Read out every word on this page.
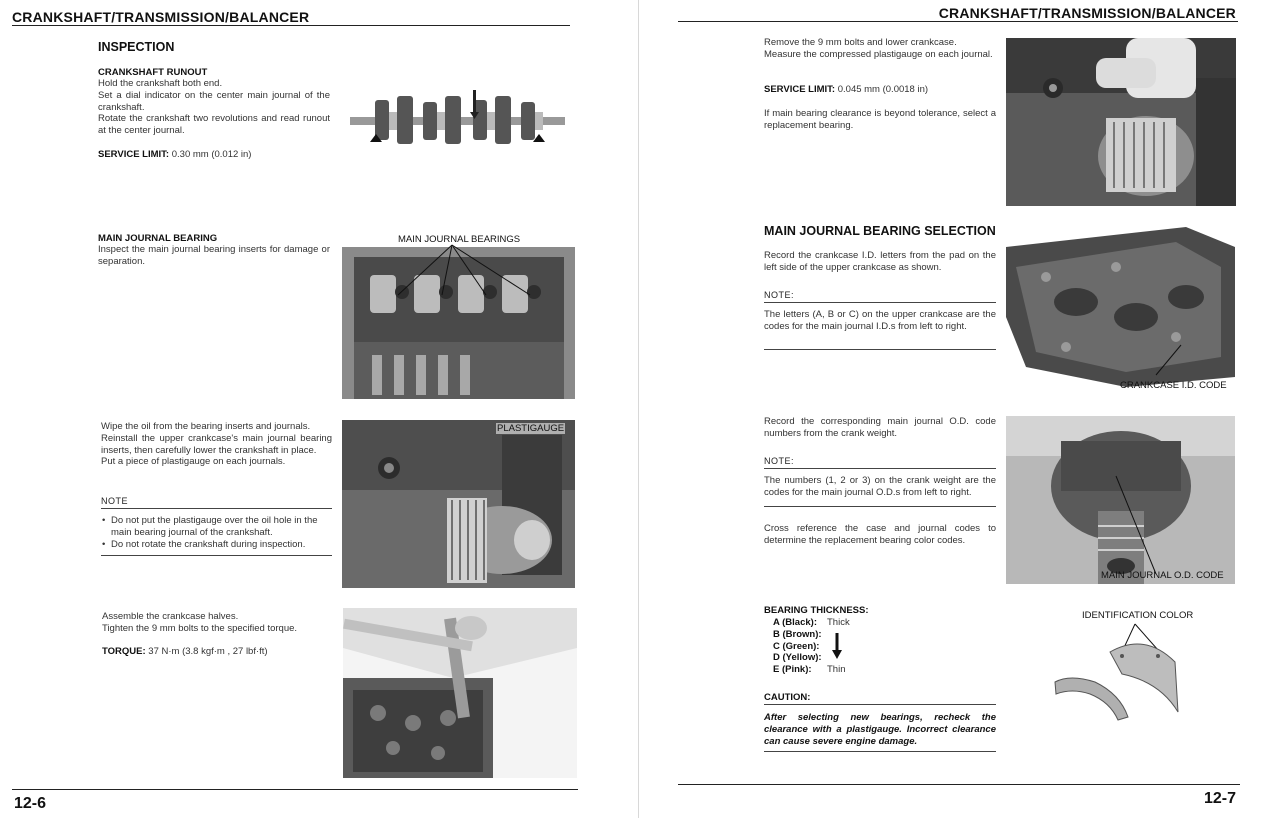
CRANKSHAFT/TRANSMISSION/BALANCER
INSPECTION
CRANKSHAFT RUNOUT
Hold the crankshaft both end.
Set a dial indicator on the center main journal of the crankshaft.
Rotate the crankshaft two revolutions and read runout at the center journal.
SERVICE LIMIT: 0.30 mm (0.012 in)
MAIN JOURNAL BEARING
Inspect the main journal bearing inserts for damage or separation.
MAIN JOURNAL BEARINGS
Wipe the oil from the bearing inserts and journals.
Reinstall the upper crankcase's main journal bearing inserts, then carefully lower the crankshaft in place.
Put a piece of plastigauge on each journals.
NOTE
• Do not put the plastigauge over the oil hole in the main bearing journal of the crankshaft.
• Do not rotate the crankshaft during inspection.
PLASTIGAUGE
Assemble the crankcase halves.
Tighten the 9 mm bolts to the specified torque.
TORQUE: 37 N·m (3.8 kgf·m , 27 lbf·ft)
12-6
CRANKSHAFT/TRANSMISSION/BALANCER
Remove the 9 mm bolts and lower crankcase.
Measure the compressed plastigauge on each journal.
SERVICE LIMIT: 0.045 mm (0.0018 in)
If main bearing clearance is beyond tolerance, select a replacement bearing.
MAIN JOURNAL BEARING SELECTION
Record the crankcase I.D. letters from the pad on the left side of the upper crankcase as shown.
NOTE:
The letters (A, B or C) on the upper crankcase are the codes for the main journal I.D.s from left to right.
CRANKCASE I.D. CODE
Record the corresponding main journal O.D. code numbers from the crank weight.
NOTE:
The numbers (1, 2 or 3) on the crank weight are the codes for the main journal O.D.s from left to right.
Cross reference the case and journal codes to determine the replacement bearing color codes.
MAIN JOURNAL O.D. CODE
BEARING THICKNESS:
A (Black): Thick
B (Brown):
C (Green):
D (Yellow):
E (Pink): Thin
IDENTIFICATION COLOR
CAUTION:
After selecting new bearings, recheck the clearance with a plastigauge. Incorrect clearance can cause severe engine damage.
12-7
